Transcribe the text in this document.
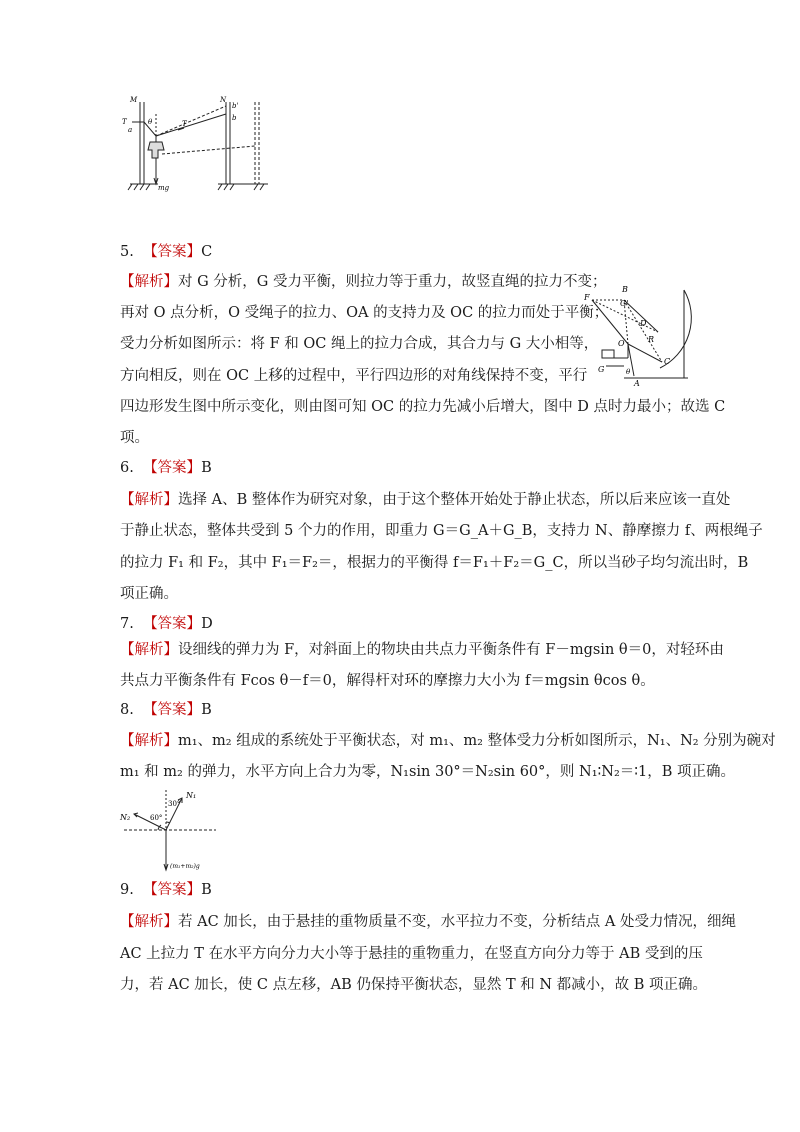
M	N
T
a
θ	T
b'
b
mg
5. 【答案】C
【解析】对 G 分析，G 受力平衡，则拉力等于重力，故竖直绳的拉力不变；
再对 O 点分析，O 受绳子的拉力、OA 的支持力及 OC 的拉力而处于平衡；
受力分析如图所示：将 F 和 OC 绳上的拉力合成，其合力与 G 大小相等，
方向相反，则在 OC 上移的过程中，平行四边形的对角线保持不变，平行
四边形发生图中所示变化，则由图可知 OC 的拉力先减小后增大，图中 D 点时力最小；故选 C
项。
F
B
G'
D
R
O
C
G	θ
A
6. 【答案】B
【解析】选择 A、B 整体作为研究对象，由于这个整体开始处于静止状态，所以后来应该一直处
于静止状态，整体共受到 5 个力的作用，即重力 G＝G_A＋G_B，支持力 N、静摩擦力 f、两根绳子
的拉力 F₁ 和 F₂，其中 F₁＝F₂＝，根据力的平衡得 f＝F₁＋F₂＝G_C，所以当砂子均匀流出时，B
项正确。
7. 【答案】D
【解析】设细线的弹力为 F，对斜面上的物块由共点力平衡条件有 F－mgsin θ＝0，对轻环由
共点力平衡条件有 Fcos θ－f＝0，解得杆对环的摩擦力大小为 f＝mgsin θcos θ。
8. 【答案】B
【解析】m₁、m₂ 组成的系统处于平衡状态，对 m₁、m₂ 整体受力分析如图所示，N₁、N₂ 分别为碗对
m₁ 和 m₂ 的弹力，水平方向上合力为零，N₁sin 30°＝N₂sin 60°，则 N₁∶N₂＝∶1，B 项正确。
N₁
N₂
30°
60°
(m₁+m₂)g
9. 【答案】B
【解析】若 AC 加长，由于悬挂的重物质量不变，水平拉力不变，分析结点 A 处受力情况，细绳
AC 上拉力 T 在水平方向分力大小等于悬挂的重物重力，在竖直方向分力等于 AB 受到的压
力，若 AC 加长，使 C 点左移，AB 仍保持平衡状态，显然 T 和 N 都减小，故 B 项正确。
